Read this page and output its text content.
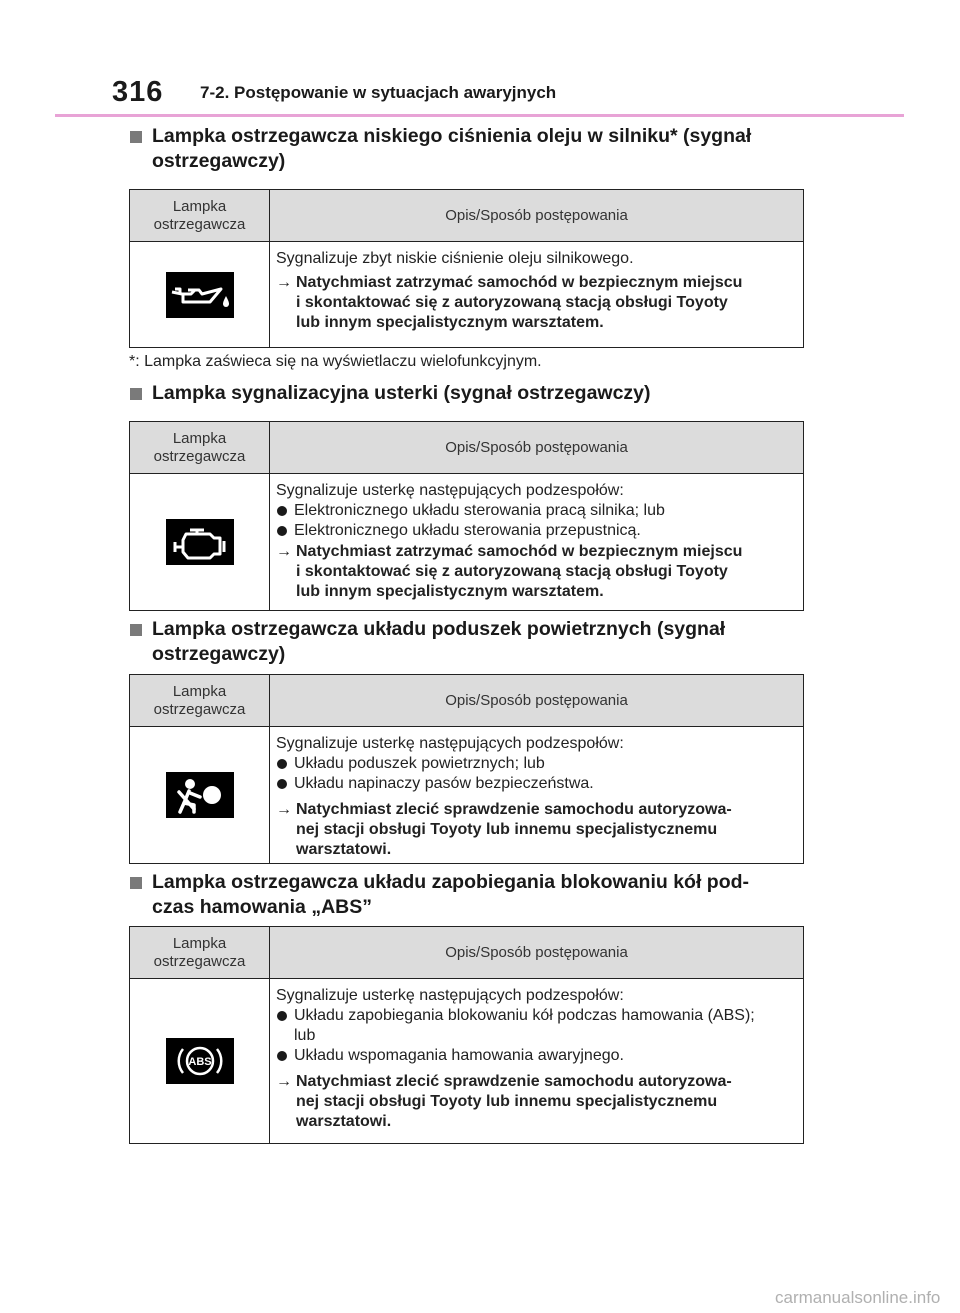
316 7-2. Postępowanie w sytuacjach awaryjnych
Lampka ostrzegawcza niskiego ciśnienia oleju w silniku* (sygnał
ostrzegawczy)
Lampka ostrzegawcza	Opis/Sposób postępowania
Sygnalizuje zbyt niskie ciśnienie oleju silnikowego.
→ Natychmiast zatrzymać samochód w bezpiecznym miejscu
i skontaktować się z autoryzowaną stacją obsługi Toyoty
lub innym specjalistycznym warsztatem.
*: Lampka zaświeca się na wyświetlaczu wielofunkcyjnym.
Lampka sygnalizacyjna usterki (sygnał ostrzegawczy)
Lampka ostrzegawcza	Opis/Sposób postępowania
Sygnalizuje usterkę następujących podzespołów:
Elektronicznego układu sterowania pracą silnika; lub
Elektronicznego układu sterowania przepustnicą.
→ Natychmiast zatrzymać samochód w bezpiecznym miejscu
i skontaktować się z autoryzowaną stacją obsługi Toyoty
lub innym specjalistycznym warsztatem.
Lampka ostrzegawcza układu poduszek powietrznych (sygnał
ostrzegawczy)
Lampka ostrzegawcza	Opis/Sposób postępowania
Sygnalizuje usterkę następujących podzespołów:
Układu poduszek powietrznych; lub
Układu napinaczy pasów bezpieczeństwa.
→ Natychmiast zlecić sprawdzenie samochodu autoryzowa-
nej stacji obsługi Toyoty lub innemu specjalistycznemu
warsztatowi.
Lampka ostrzegawcza układu zapobiegania blokowaniu kół pod-
czas hamowania „ABS”
Lampka ostrzegawcza	Opis/Sposób postępowania
ABS
Sygnalizuje usterkę następujących podzespołów:
Układu zapobiegania blokowaniu kół podczas hamowania (ABS); lub
Układu wspomagania hamowania awaryjnego.
→ Natychmiast zlecić sprawdzenie samochodu autoryzowa-
nej stacji obsługi Toyoty lub innemu specjalistycznemu
warsztatowi.
carmanualsonline.info
